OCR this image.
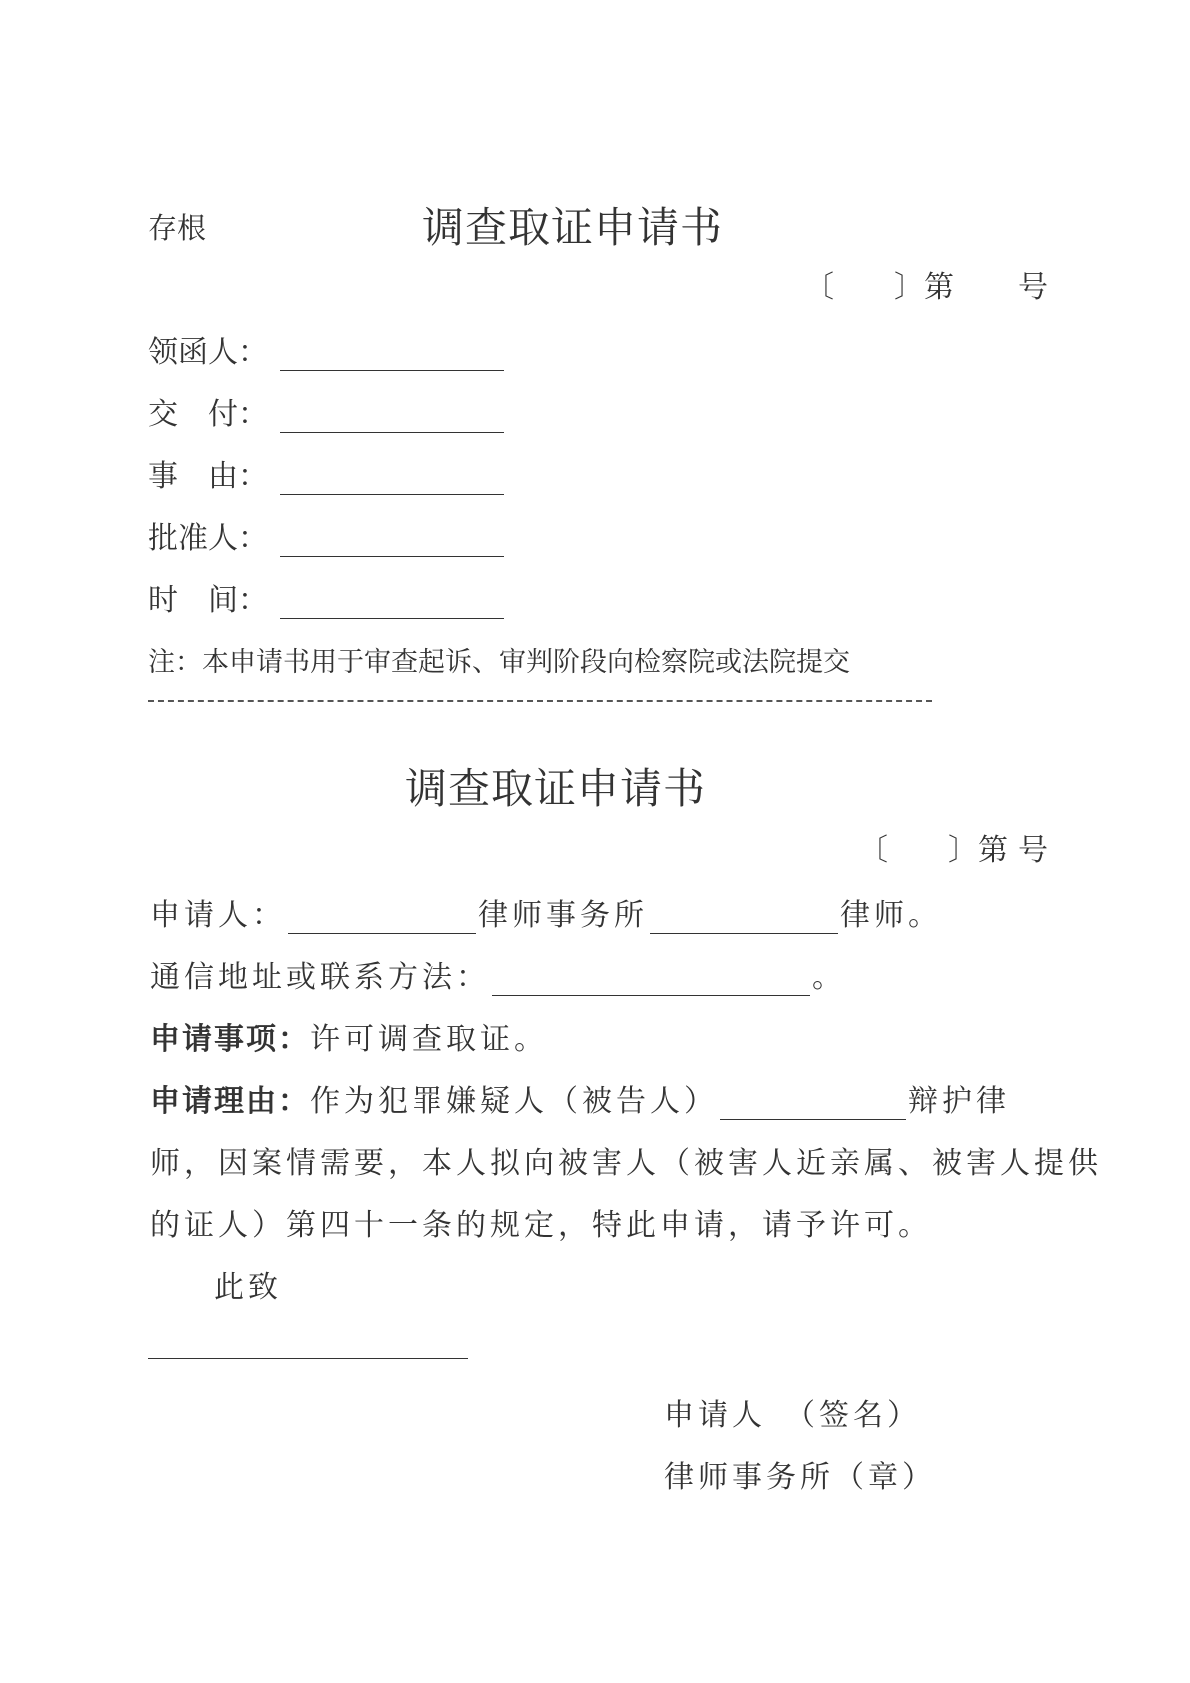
存根	调查取证申请书
〔 〕第 号
领函人：
交　付：
事　由：
批准人：
时　间：
注：本申请书用于审查起诉、审判阶段向检察院或法院提交
调查取证申请书
〔 〕第 号
申请人：	律师事务所	律师。
通信地址或联系方法：	。
申请事项：许可调查取证。
申请理由：作为犯罪嫌疑人（被告人）	辩护律
师，因案情需要，本人拟向被害人（被害人近亲属、被害人提供
的证人）第四十一条的规定，特此申请，请予许可。
此致
申请人　（签名）
律师事务所（章）
